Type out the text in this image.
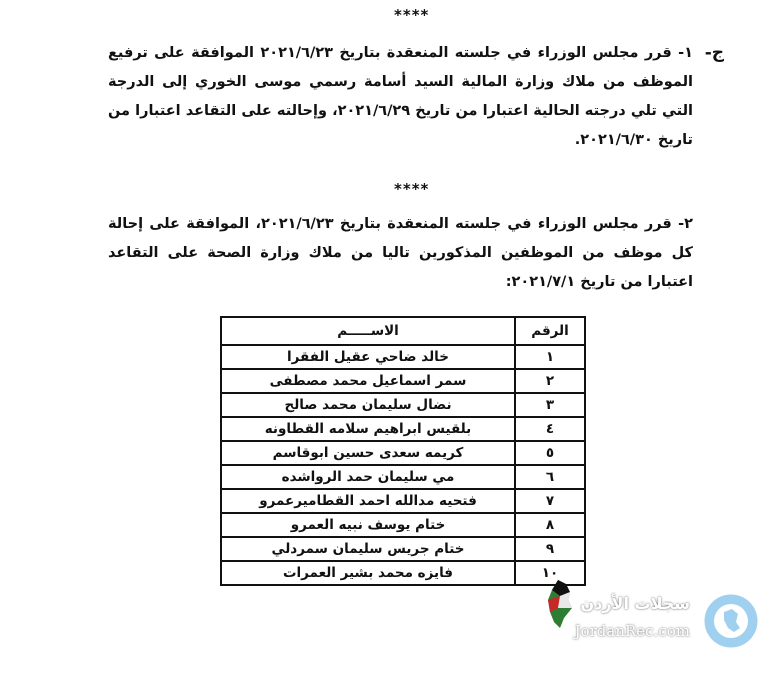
****
ج-
١- قرر مجلس الوزراء في جلسته المنعقدة بتاريخ ٢٠٢١/٦/٢٣ الموافقة على ترفيع الموظف من ملاك وزارة المالية السيد أسامة رسمي موسى الخوري إلى الدرجة التي تلي درجته الحالية اعتبارا من تاريخ ٢٠٢١/٦/٢٩، وإحالته على التقاعد اعتبارا من تاريخ ٢٠٢١/٦/٣٠.
****
٢- قرر مجلس الوزراء في جلسته المنعقدة بتاريخ ٢٠٢١/٦/٢٣، الموافقة على إحالة كل موظف من الموظفين المذكورين تاليا من ملاك وزارة الصحة على التقاعد اعتبارا من تاريخ ٢٠٢١/٧/١:
الرقم	الاســـــم
١	خالد ضاحي عقيل الفقرا
٢	سمر اسماعيل محمد مصطفى
٣	نضال سليمان محمد صالح
٤	بلقيس ابراهيم سلامه القطاونه
٥	كريمه سعدى حسين ابوقاسم
٦	مي سليمان حمد الرواشده
٧	فتحيه مدالله احمد القطاميرعمرو
٨	ختام يوسف نبيه العمرو
٩	ختام جريس سليمان سمردلي
١٠	فايزه محمد بشير العمرات
سجلات الأردن
JordanRec.com
